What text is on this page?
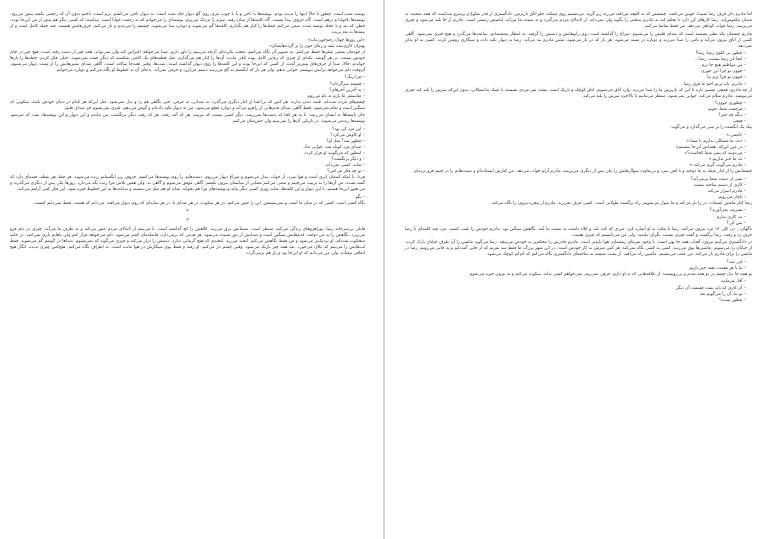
نوشته شده است. چطور تا حالا اینها را ندیده بودم. نوشته‌ها با ناخن و یا با چوب تیزی روی گچ دیوار حک شده است. به دیوار تاخی می‌کشم. نرم است. ناخنم بدون آن که زحمتی بکشد پیش می‌رود. نوشته‌ها ناخوانا و درهم است. گاه حروف پیدا نیست. گاه کلمه‌ها از میان رفته. سرم را نزدیک می‌برم. نوشته‌ای را می‌خوانم که به زحمت خوانا است. پیداست که کسی دیگر هم پیش از من این‌جا بوده. خطی که تند و با عجله نوشته شده. سعی می‌کنم جمله‌ها را کنار هم بگذارم. کلمه‌ها گم می‌شوند و دوباره پیدا می‌شوند. چشمم را می‌بندم و باز می‌کنم. حرف‌هایش هستند. چند جمله کامل است و از نیمه‌ها به بعد بریده.

«این روزها جهان زخم‌خورده‌اند»

بهتران کاری‌ست بقیه و زمان خون را بر گرده‌هایشان»

از خودمان بعضی شعرها حفظ می‌کنیم. به تصویر آن نگاه می‌کنیم. تعجب نکرده‌ام. آن‌چه می‌بینم را باور دارم. صدا می‌خواهد اعتراض کند ولی نمی‌تواند. همه چیز از دست رفته است. هیچ چیز در جای خودش نیست. در هر گوشه، تکه‌ای از چیزی که زمانی کامل بوده باقی مانده. آن‌ها را کنار هم می‌گذارم. مثل قطعه‌های یک کاشی شکسته که دیگر جفت نمی‌شوند. خیلی فکر کردم. جمله‌ها را بارها خواندم. حالا، صدا از حرف‌های پیش‌تر آمده، از کسی که این‌جا بوده و این کلمه‌ها را روی دیوار گذاشته است. شب‌ها، وقتی همه‌جا ساکت است، گاهی صدای نفس‌هایش را از پشت دیوار می‌شنوم. آن‌وقت دلم می‌خواهد برایش بنویسم. جوابی بدهم. ولی هر بار که انگشتم به گچ می‌رسد دستم می‌لرزد و حرفی نمی‌آید. به‌جای آن به خطوط او نگاه می‌کنم و دوباره می‌خوانم.

– چرا رنگ؟

– چشمه سرگردان؟

– یه آخرین آجرهای؟

– متاسفم، ما بازم به نام می‌روم

چشم‌های مرده شده‌اند. قصد دیدن ندارند. هر کس که بی‌اعتنا از کنار دیگری می‌گذرد. نه صدایی، نه حرفی. حتی نگاهی هم رد و بدل نمی‌شود. مثل این‌که هر کدام در دنیای خودش باشد. سکوتی که سنگین است و تمام نمی‌شود. فقط گاهی صدای قدم‌هایی از راهرو می‌آید و دوباره قطع می‌شود. من به دیوار تکیه داده‌ام و گوش می‌دهم. چیزی نمی‌شنوم جز صدای قلبم.

جان باشماها به ایشان می‌رسد. تا به هر کجا که دست‌ها نمی‌رسد. دیگر کسی نیست که بپرسد. هر که آمد رفت. هر که رفت دیگر برنگشت. من ماندم و این دیوار و این نوشته‌ها. شب که می‌شود نوشته‌ها زنده‌تر می‌شوند. در تاریکی آن‌ها را نمی‌بینم ولی حس‌شان می‌کنم.

– این مرد کی بود؟

– او کاوش می‌کرد؟

– چطور شد؟ مثل او؟

– صدای مرد کوتاه شد، جوابی نداد.

– اینطور که می‌گویند او فرار کرده.

– و دیگر برنگشت؟

– شاید. کسی نمی‌داند.

– تو چه فکر می‌کنی؟

فردا، با اینکه آسمان ابری است و هوا سرد، از خواب بیدار می‌شوم و سراغ دیوار می‌روم. دست‌هایم را روی نوشته‌ها می‌کشم. حروف زیر انگشتانم زنده می‌شوند. هر خط، هر نقطه، قصه‌ای دارد که گفته نشده. من آن‌ها را به ترتیب می‌چینم و سعی می‌کنم معنایی از میانشان بیرون بکشم. گاهی موفق می‌شوم و گاهی نه. ولی همین تلاش مرا زنده نگه می‌دارد. روزها یکی پس از دیگری می‌گذرند و من هنوز این‌جا هستم، با این دیوار و این کلمه‌ها. شاید روزی کسی دیگر بیاید و نوشته‌های مرا هم بخواند. شاید او هم مثل من بنشیند و ساعت‌ها به این خطوط خیره شود. این فکر کمی آرامم می‌کند.

– بگو

نگاه کسی است. کسی که در میان ما است و نمی‌بینیمش. این را حس می‌کنم. در هر سکوت، در هر صدای پا، در هر سایه‌ای که روی دیوار می‌افتد. می‌دانم که هست. فقط نمی‌دانم کیست.

*

*

قاتلی بی‌سرخانه رضا، توراهروهای زندگی می‌کند، منتظر است. سیمانش برق می‌زند. کلاهش را کج گذاشته است. تا می‌بینم از لابه‌لای مردم عبور می‌کند و به طرف ما می‌آید، چیزی در دلم فرو می‌ریزد. نگاهش را به من دوخته. قدم‌هایش سنگین است و صدایش از دور شنیده می‌شود. هر قدمی که برمی‌دارد، فاصله‌مان کمتر می‌شود. دلم می‌خواهد فرار کنم ولی پاهایم یاری نمی‌کنند. در جایم میخکوب شده‌ام. او نزدیک‌تر می‌شود و من فقط نگاهش می‌کنم. لبخند می‌زند. لبخندی که هیچ گرمایی ندارد. دستش را دراز می‌کند و چیزی می‌گوید که نمی‌شنوم. صداها در گوشم گم می‌شوند. فقط لب‌هایش را می‌بینم که تکان می‌خورد. بعد همه چیز تاریک می‌شود. وقتی چشم باز می‌کنم، او رفته و فقط بوی سیگارش در هوا مانده است. به اطراف نگاه می‌کنم. هیچ‌کس چیزی ندیده. انگار هیچ اتفاقی نیفتاده. ولی من می‌دانم که او این‌جا بود و باز هم برمی‌گردد.

اما مادرم ذکر حرف رضا شنیدا، جوش می‌کشد. چشمش که به کلبچه می‌افتد می‌زند زیر گریه. می‌نشینم روی نیمکت جلو اتاق بازپرس. دادگستری از قدر شلوغ و پرسرو صداست که همه صحبت به میدان مکعوس‌اند. رضا کارهای کن دارد تا تحکم کند به مادرم بدبختی را بگوید ولی نمی‌داند. از لابه‌لای مردم می‌گذرد و به سمت ما می‌آید. لباسش رسمی است. مادرم از جا بلند می‌شود و چیزی می‌پرسد. رضا جواب کوتاهی می‌دهد. من فقط تماشا می‌کنم.

مادرم چشمان یکه نظیر نشسته است که صدای قلبش را می‌شنوم. سراغ را گذاشته است روی زانوهایش و دستش را گرفته. به انتظار نشسته‌ایم. ساعت‌ها می‌گذرد و هیچ خبری نمی‌شود. گاهی کسی از اتاق بیرون می‌آید و نامی را صدا می‌زند و دوباره در بسته می‌شود. هر بار که در باز می‌شود، نفس مادرم بند می‌آید. رضا به دیوار تکیه داده و سیگاری روشن کرده. کسی به او تذکر نمی‌دهد.

– چطور بی کلوی رضا، رضا!

– انجا کن رضا نیست، رضا…

– من مواظبم هیچ جا نرم

– جوون تو چرا این‌ جوری

– جوون تو چرا نرم بیا

– مادرم، باید بزنم اخم ما فرق رضا

از چه مادرم، همچی تقصیر داره تا این که بازپرس ما را صدا می‌زند. وارد اتاق می‌شویم. اتاق کوچک و تاریک است. پشت میز مردی نشسته با عینک ته‌استکانی. بدون این‌که سرش را بلند کند چیزی می‌نویسد. مادرم سلام می‌کند. جوابی نمی‌شنود. منتظر می‌مانیم تا بالاخره سرش را بلند می‌کند.

– چطوری جوون؟

– مرحمت شما، خوبم

– دیگه چه خبر؟

– هیچی

بیک یک انگشت را بر بینی می‌گذارد و می‌گوید:

– «لعنتی.»

– «نه، ما مشکلی نداریم با شما.»

– در عین این‌که، همه‌اش این‌جا نیستیم»

– می‌دونید که پسر شما کجاست؟»

– نه، ما خبر نداریم.»

– مادرم می‌گوید، گریه می‌کند.»

چشمانش را از کنار عینک به ما دوخته و با لحن سرد و بی‌تفاوت سؤال‌هایش را یکی پس از دیگری می‌پرسد. مادرم آرام جواب می‌دهد. من کنارش ایستاده‌ام و دست‌هایم را در جیبم فرو برده‌ام.

– یعنی از دست شما برنمی‌آید؟

– کاری از دستم ساخته نیست

– مادرم اصرار می‌کند

– ناچار می‌رویم

رضا کنار ماشین ایستاده. در را باز می‌کند و ما سوار می‌شویم. راه برگشت طولانی است. کسی حرف نمی‌زند. مادرم از پنجره بیرون را نگاه می‌کند.

– تشریف نمی‌آورید؟

– نه، کاری ندارم

– پس کی؟

ناگهان… در، کلی ۱۶ مرد بیرون می‌آمد. رضا با مکث به او اشاره کرد. مردی که کت بلند و کلاه داشت به سمت ما آمد. نگاهش سنگین بود. مادرم خودش را عقب کشید. مرد چند کلمه‌ای با رضا حرف زد و رفت. رضا برگشت و گفت چیزی نیست، نگران نباشید. ولی من می‌دانستم که چیزی هست.

در دادگستری می‌آییم بیرون. آفتاب همه جا پهن است. با وجود سرمای زمستان، هوا دلپذیر است. مادرم چادرش را محکم‌تر به خودش می‌پیچد. رضا می‌گوید ماشین را آن طرف خیابان پارک کرده. از خیابان رد می‌شویم. ماشین‌ها بوق می‌زنند. کسی به کسی نگاه نمی‌کند. هر کس سرش به کار خودش است. در این شهر بزرگ، ما فقط سه نفریم که از جایی آمده‌ایم و به جایی می‌رویم. رضا در ماشین را برای مادرم باز می‌کند. من عقب می‌نشینم. ماشین راه می‌افتد. از پشت شیشه به ساختمان دادگستری نگاه می‌کنم که کم‌کم کوچک می‌شود.

– چی شد؟

– ما با هر هست، همه خبر داریم

تو همه جا بدل چشم در دو همه متدم و بی‌روییست. از علاقه‌هایی که به او دارم، حرفی نمی‌زنم. نمی‌خواهم کسی بداند. سکوت می‌کنم و به بیرون خیره می‌شوم.

– آقا، بفرمایید

– آن کاری که باید بشه، قسمت آن دیگر

– تو بیا، آن را می‌گویم بعد

– چطور شدید؟
